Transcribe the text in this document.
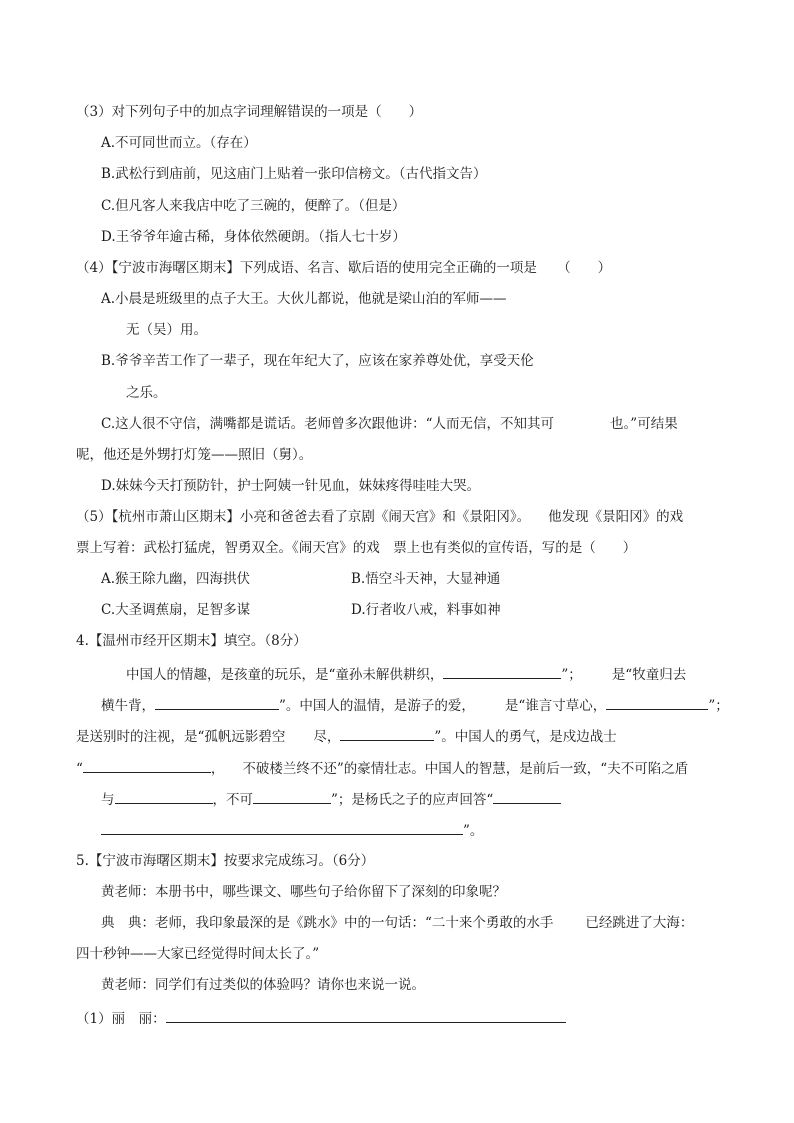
（3）对下列句子中的加点字词理解错误的一项是（　　）
A.不可同世而立。（存在）
B.武松行到庙前，见这庙门上贴着一张印信榜文。（古代指文告）
C.但凡客人来我店中吃了三碗的，便醉了。（但是）
D.王爷爷年逾古稀，身体依然硬朗。（指人七十岁）
（4）【宁波市海曙区期末】下列成语、名言、歇后语的使用完全正确的一项是　　（　　）
A.小晨是班级里的点子大王。大伙儿都说，他就是梁山泊的军师——
无（吴）用。
B.爷爷辛苦工作了一辈子，现在年纪大了，应该在家养尊处优，享受天伦
之乐。
C.这人很不守信，满嘴都是谎话。老师曾多次跟他讲：“人而无信，不知其可	也。”可结果
呢，他还是外甥打灯笼——照旧（舅）。
D.妹妹今天打预防针，护士阿姨一针见血，妹妹疼得哇哇大哭。
（5）【杭州市萧山区期末】小亮和爸爸去看了京剧《闹天宫》和《景阳冈》。 他发现《景阳冈》的戏
票上写着：武松打猛虎，智勇双全。《闹天宫》的戏　票上也有类似的宣传语，写的是（　　）
A.猴王除九幽，四海拱伏	B.悟空斗天神，大显神通
C.大圣调蕉扇，足智多谋	D.行者收八戒，料事如神
4.【温州市经开区期末】填空。（8分）
中国人的情趣，是孩童的玩乐，是“童孙未解供耕织，	”； 是“牧童归去
横牛背，	”。中国人的温情，是游子的爱， 是“谁言寸草心，	”；
是送别时的注视，是“孤帆远影碧空 尽，	”。中国人的勇气，是戍边战士
“	， 不破楼兰终不还”的豪情壮志。中国人的智慧，是前后一致，“夫不可陷之盾
与	，不可	”；是杨氏之子的应声回答“
”。
5.【宁波市海曙区期末】按要求完成练习。（6分）
黄老师：本册书中，哪些课文、哪些句子给你留下了深刻的印象呢？
典　典：老师，我印象最深的是《跳水》中的一句话：“二十来个勇敢的水手 已经跳进了大海：
四十秒钟——大家已经觉得时间太长了。”
黄老师：同学们有过类似的体验吗？请你也来说一说。
（1）丽　丽：
